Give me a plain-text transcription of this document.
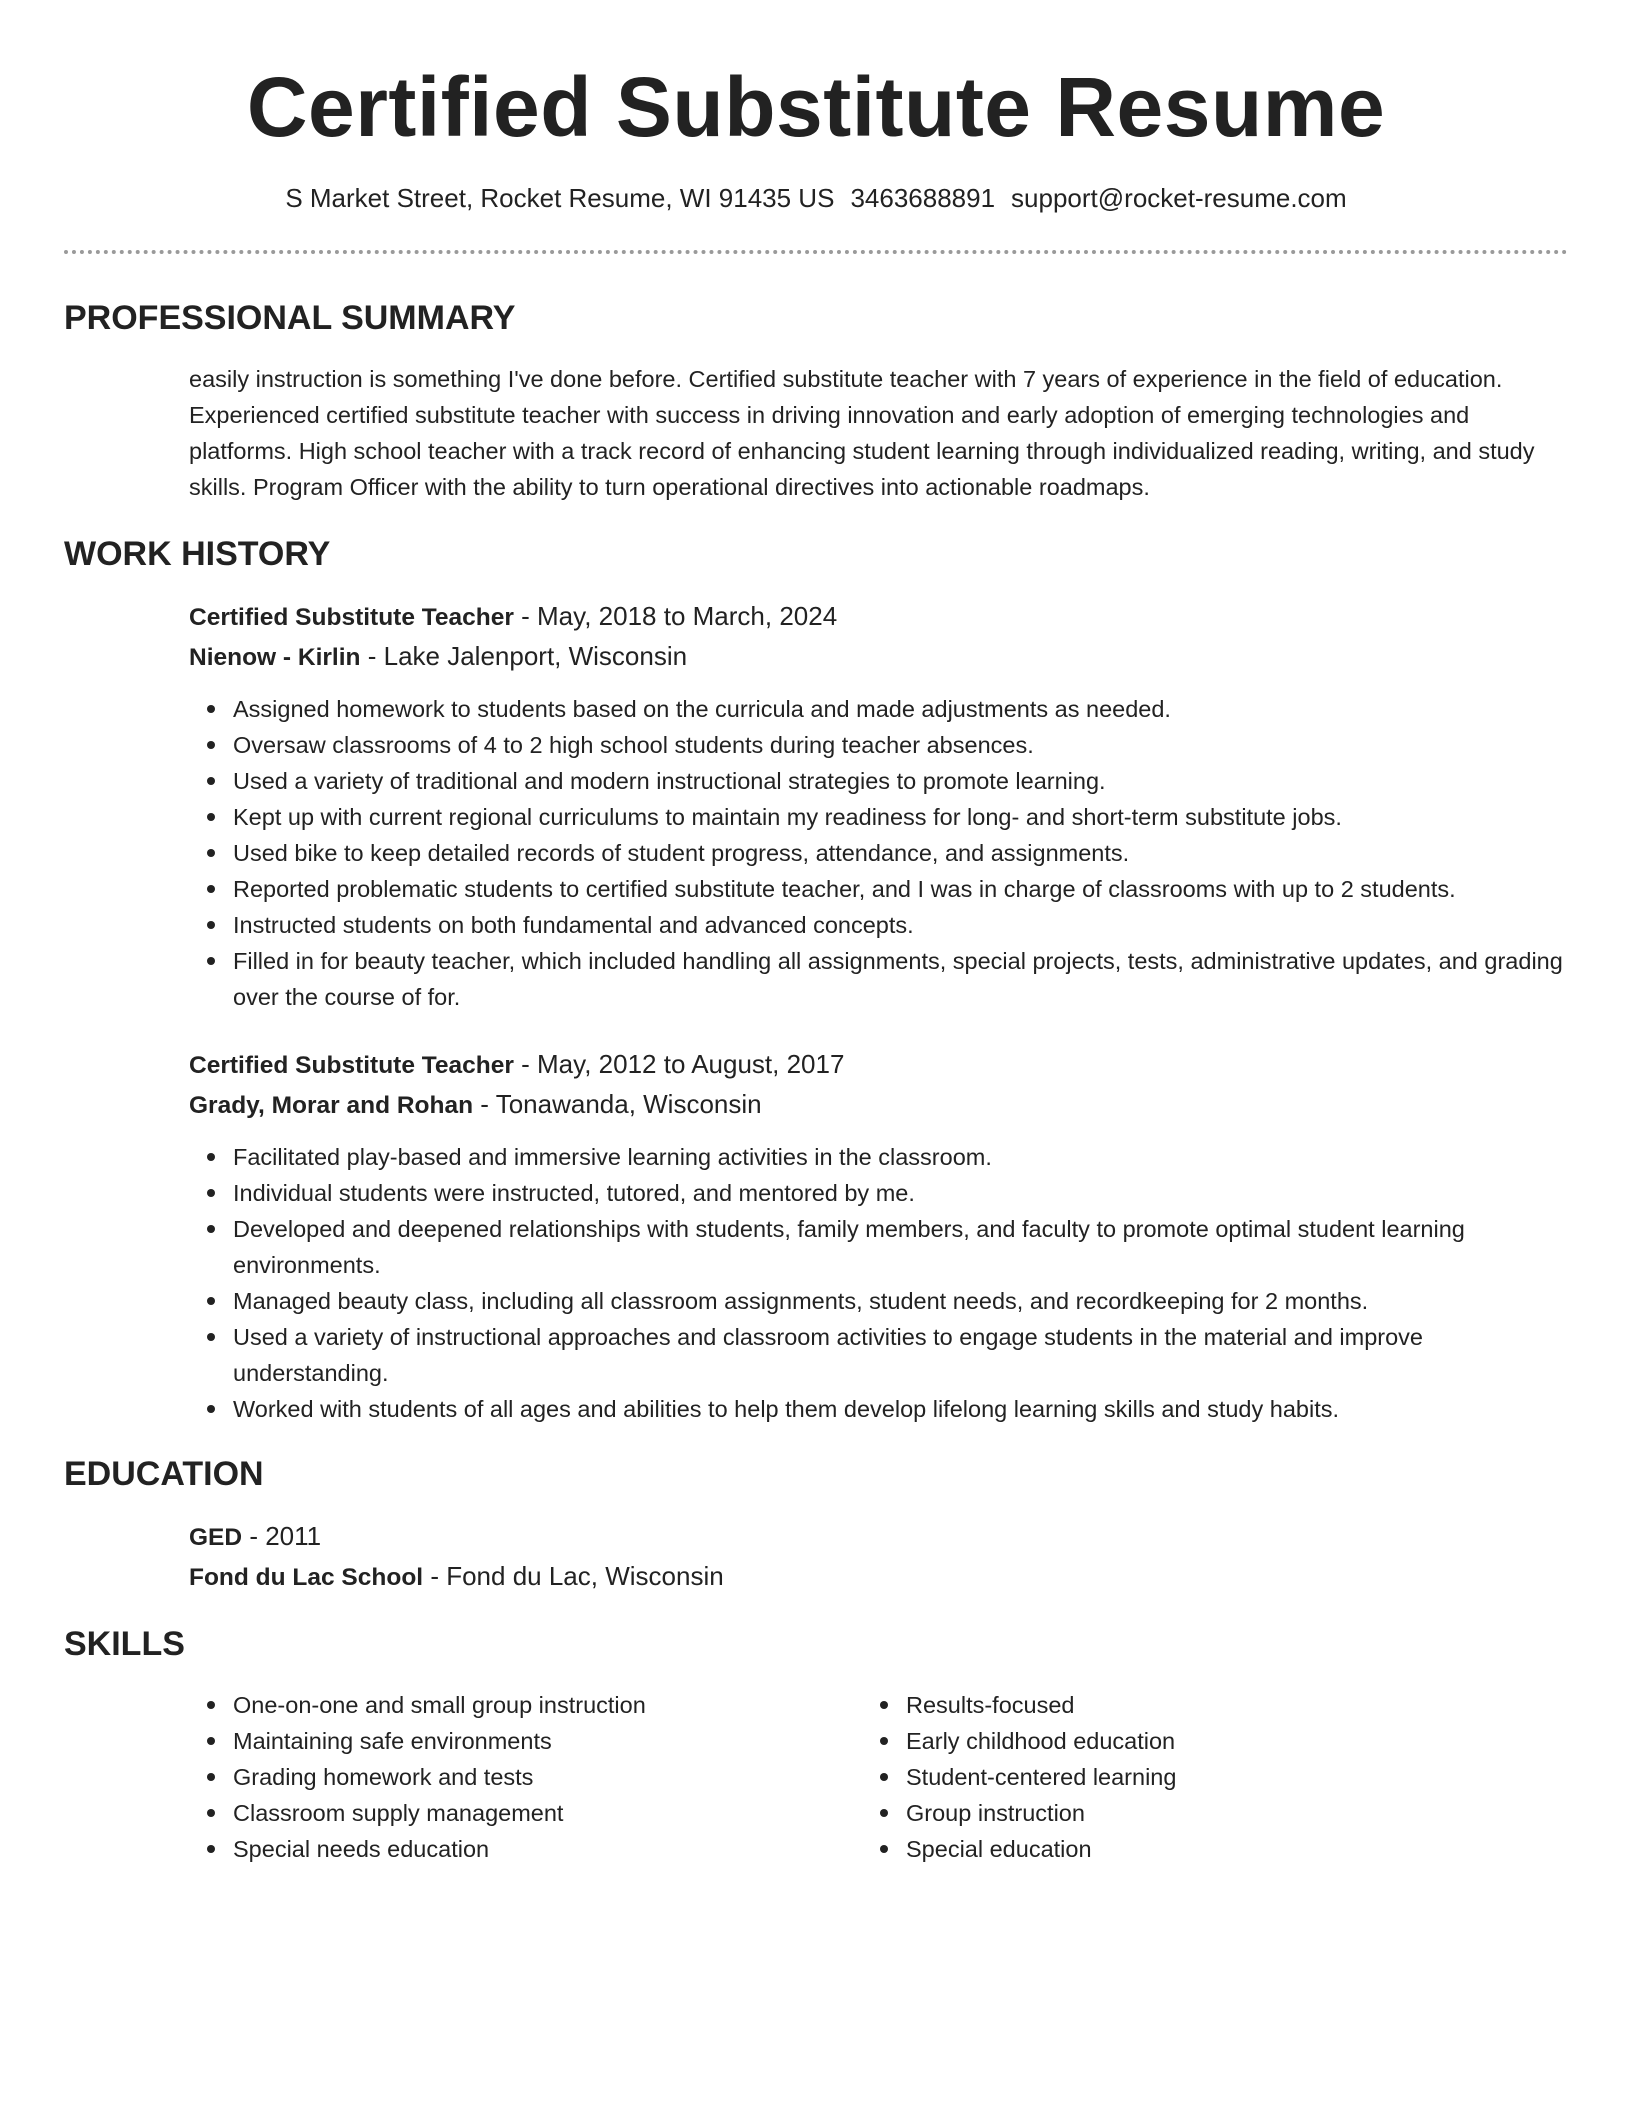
Certified Substitute Resume
S Market Street, Rocket Resume, WI 91435 US 3463688891 support@rocket-resume.com
PROFESSIONAL SUMMARY

easily instruction is something I've done before. Certified substitute teacher with 7 years of experience in the field of education. Experienced certified substitute teacher with success in driving innovation and early adoption of emerging technologies and platforms. High school teacher with a track record of enhancing student learning through individualized reading, writing, and study skills. Program Officer with the ability to turn operational directives into actionable roadmaps.

WORK HISTORY

Certified Substitute Teacher - May, 2018 to March, 2024

Nienow - Kirlin - Lake Jalenport, Wisconsin

Assigned homework to students based on the curricula and made adjustments as needed.
Oversaw classrooms of 4 to 2 high school students during teacher absences.
Used a variety of traditional and modern instructional strategies to promote learning.
Kept up with current regional curriculums to maintain my readiness for long- and short-term substitute jobs.
Used bike to keep detailed records of student progress, attendance, and assignments.
Reported problematic students to certified substitute teacher, and I was in charge of classrooms with up to 2 students.
Instructed students on both fundamental and advanced concepts.
Filled in for beauty teacher, which included handling all assignments, special projects, tests, administrative updates, and grading over the course of for.

Certified Substitute Teacher - May, 2012 to August, 2017

Grady, Morar and Rohan - Tonawanda, Wisconsin

Facilitated play-based and immersive learning activities in the classroom.
Individual students were instructed, tutored, and mentored by me.
Developed and deepened relationships with students, family members, and faculty to promote optimal student learning environments.
Managed beauty class, including all classroom assignments, student needs, and recordkeeping for 2 months.
Used a variety of instructional approaches and classroom activities to engage students in the material and improve understanding.
Worked with students of all ages and abilities to help them develop lifelong learning skills and study habits.
EDUCATION

GED - 2011

Fond du Lac School - Fond du Lac, Wisconsin

SKILLS
One-on-one and small group instruction
Maintaining safe environments
Grading homework and tests
Classroom supply management
Special needs education
Results-focused
Early childhood education
Student-centered learning
Group instruction
Special education
